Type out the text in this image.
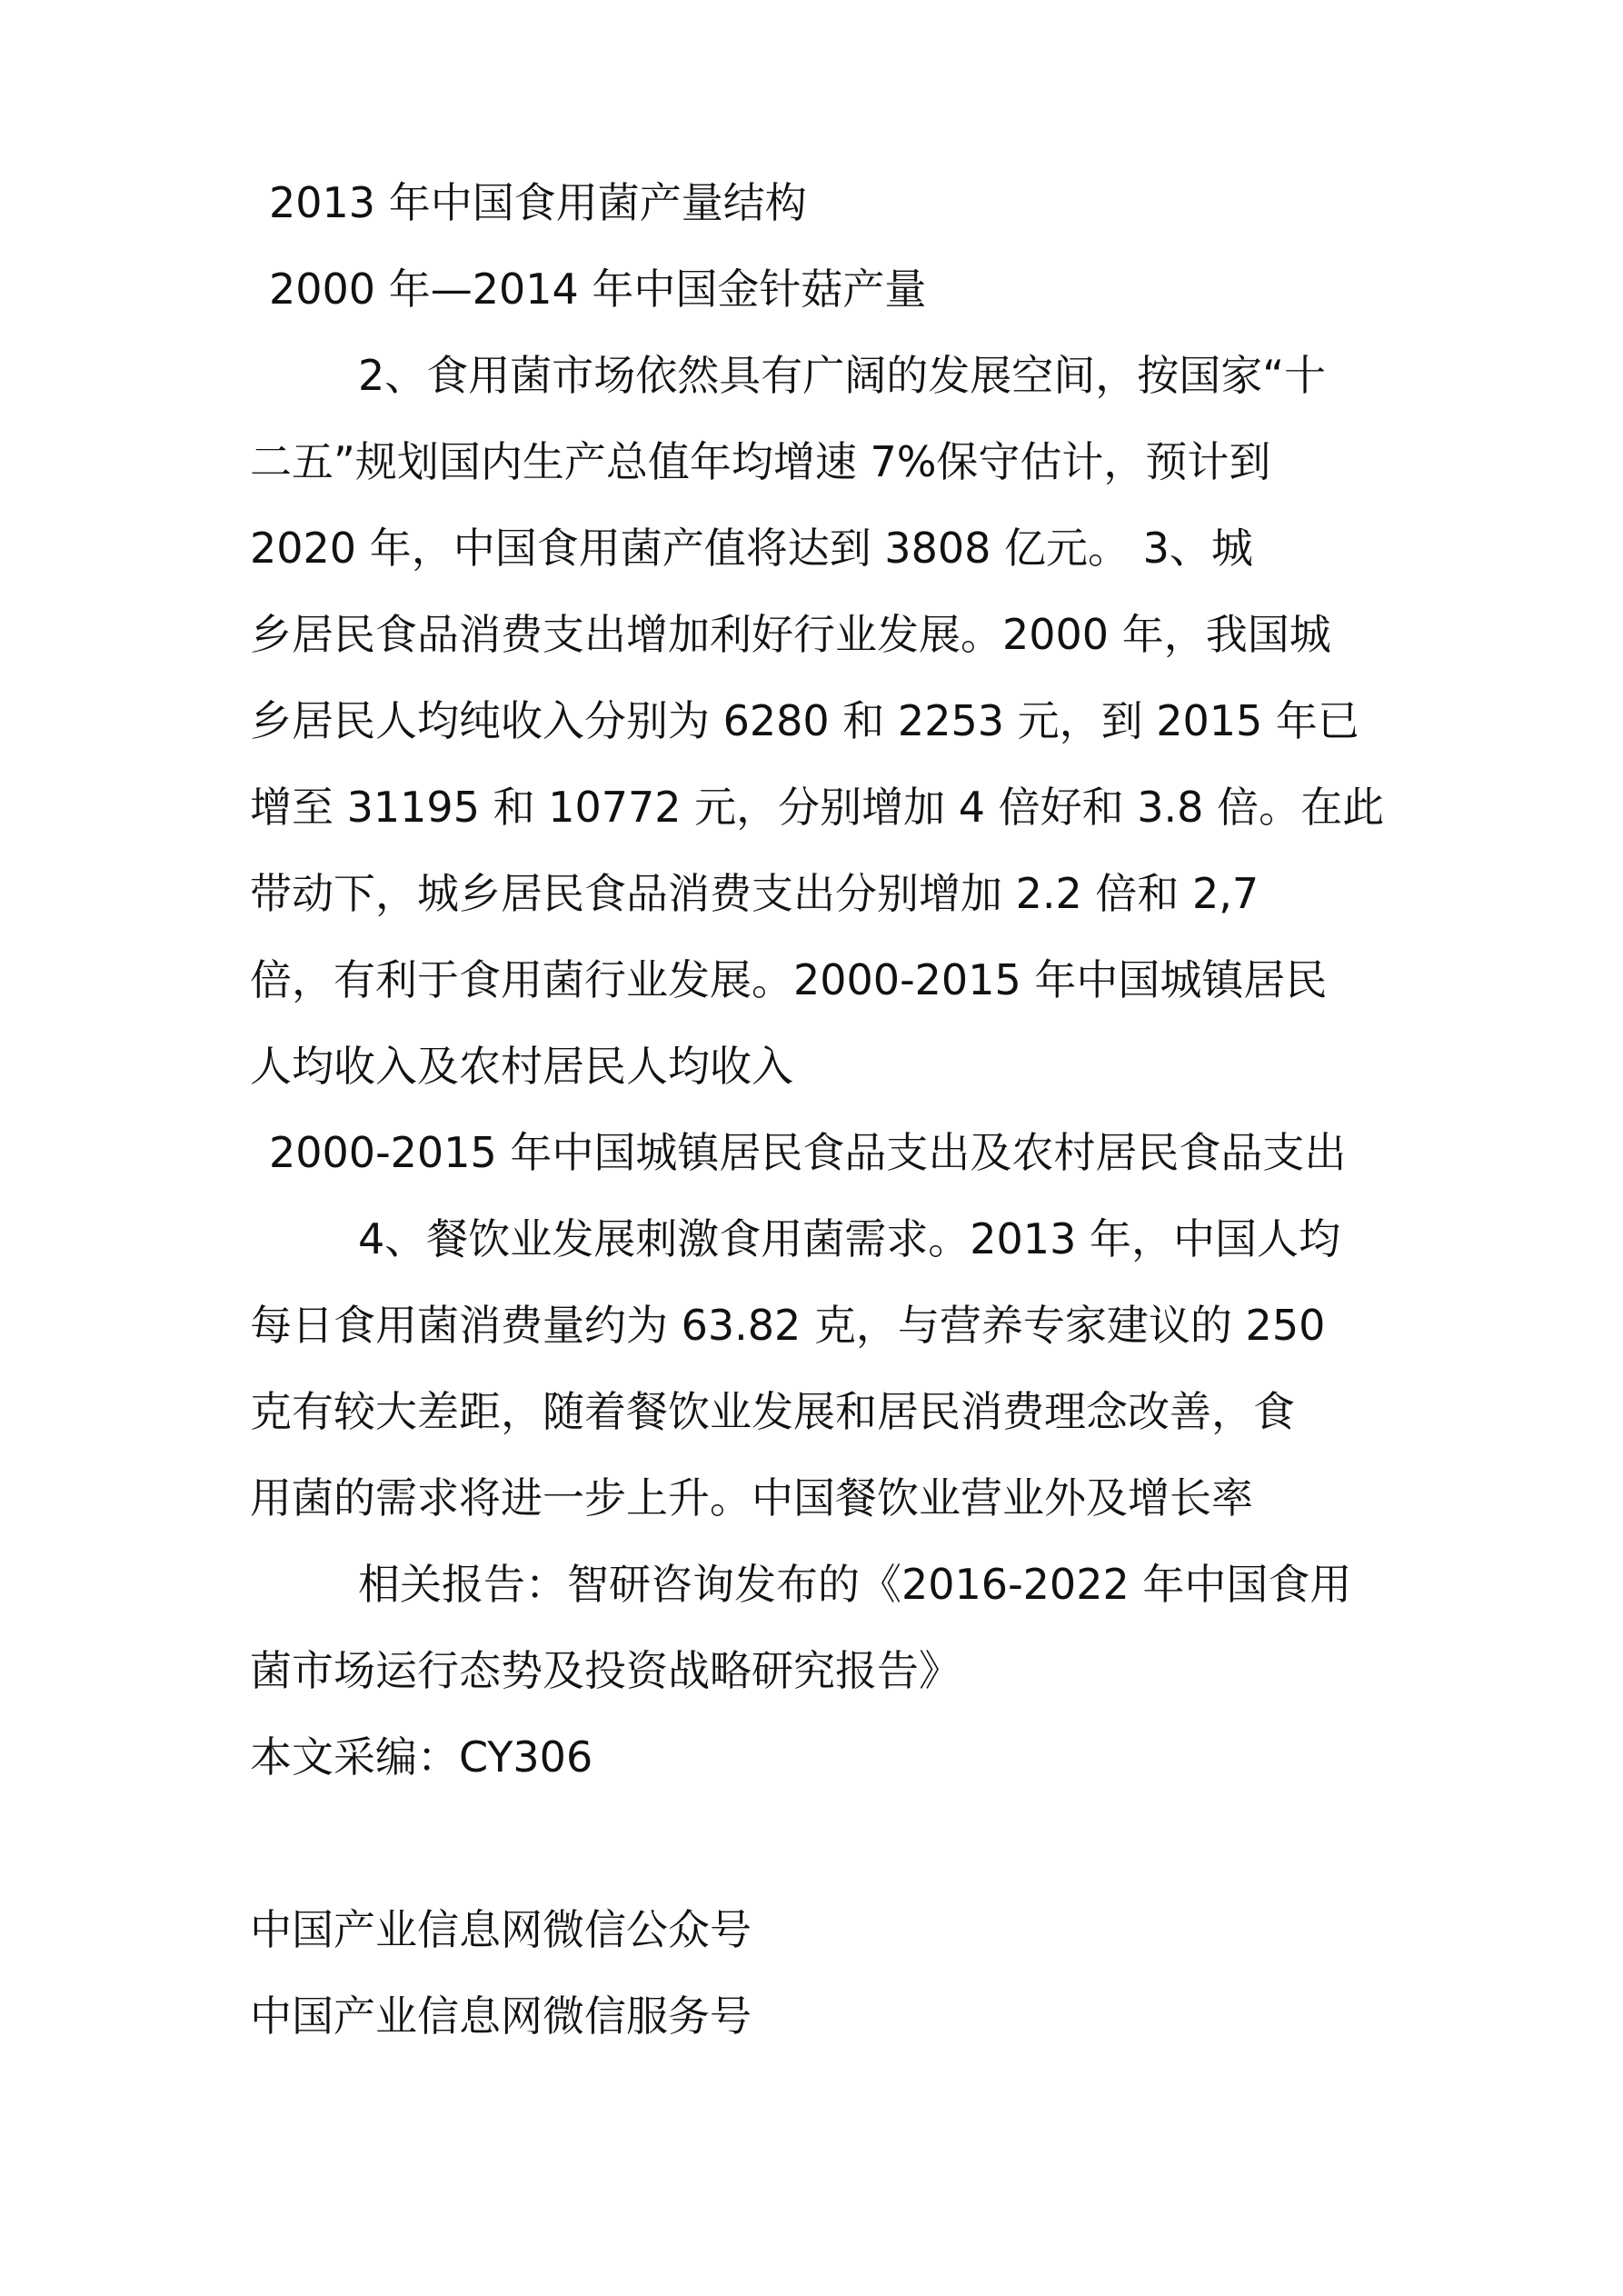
2013 年中国食用菌产量结构
2000 年—2014 年中国金针菇产量
2、食用菌市场依然具有广阔的发展空间，按国家“十
二五”规划国内生产总值年均增速 7%保守估计，预计到
2020 年，中国食用菌产值将达到 3808 亿元。 3、城
乡居民食品消费支出增加利好行业发展。2000 年，我国城
乡居民人均纯收入分别为 6280 和 2253 元，到 2015 年已
增至 31195 和 10772 元，分别增加 4 倍好和 3.8 倍。在此
带动下，城乡居民食品消费支出分别增加 2.2 倍和 2,7
倍，有利于食用菌行业发展。2000-2015 年中国城镇居民
人均收入及农村居民人均收入
2000-2015 年中国城镇居民食品支出及农村居民食品支出
4、餐饮业发展刺激食用菌需求。2013 年，中国人均
每日食用菌消费量约为 63.82 克，与营养专家建议的 250
克有较大差距，随着餐饮业发展和居民消费理念改善，食
用菌的需求将进一步上升。中国餐饮业营业外及增长率
相关报告：智研咨询发布的《2016-2022 年中国食用
菌市场运行态势及投资战略研究报告》
本文采编：CY306
中国产业信息网微信公众号
中国产业信息网微信服务号
